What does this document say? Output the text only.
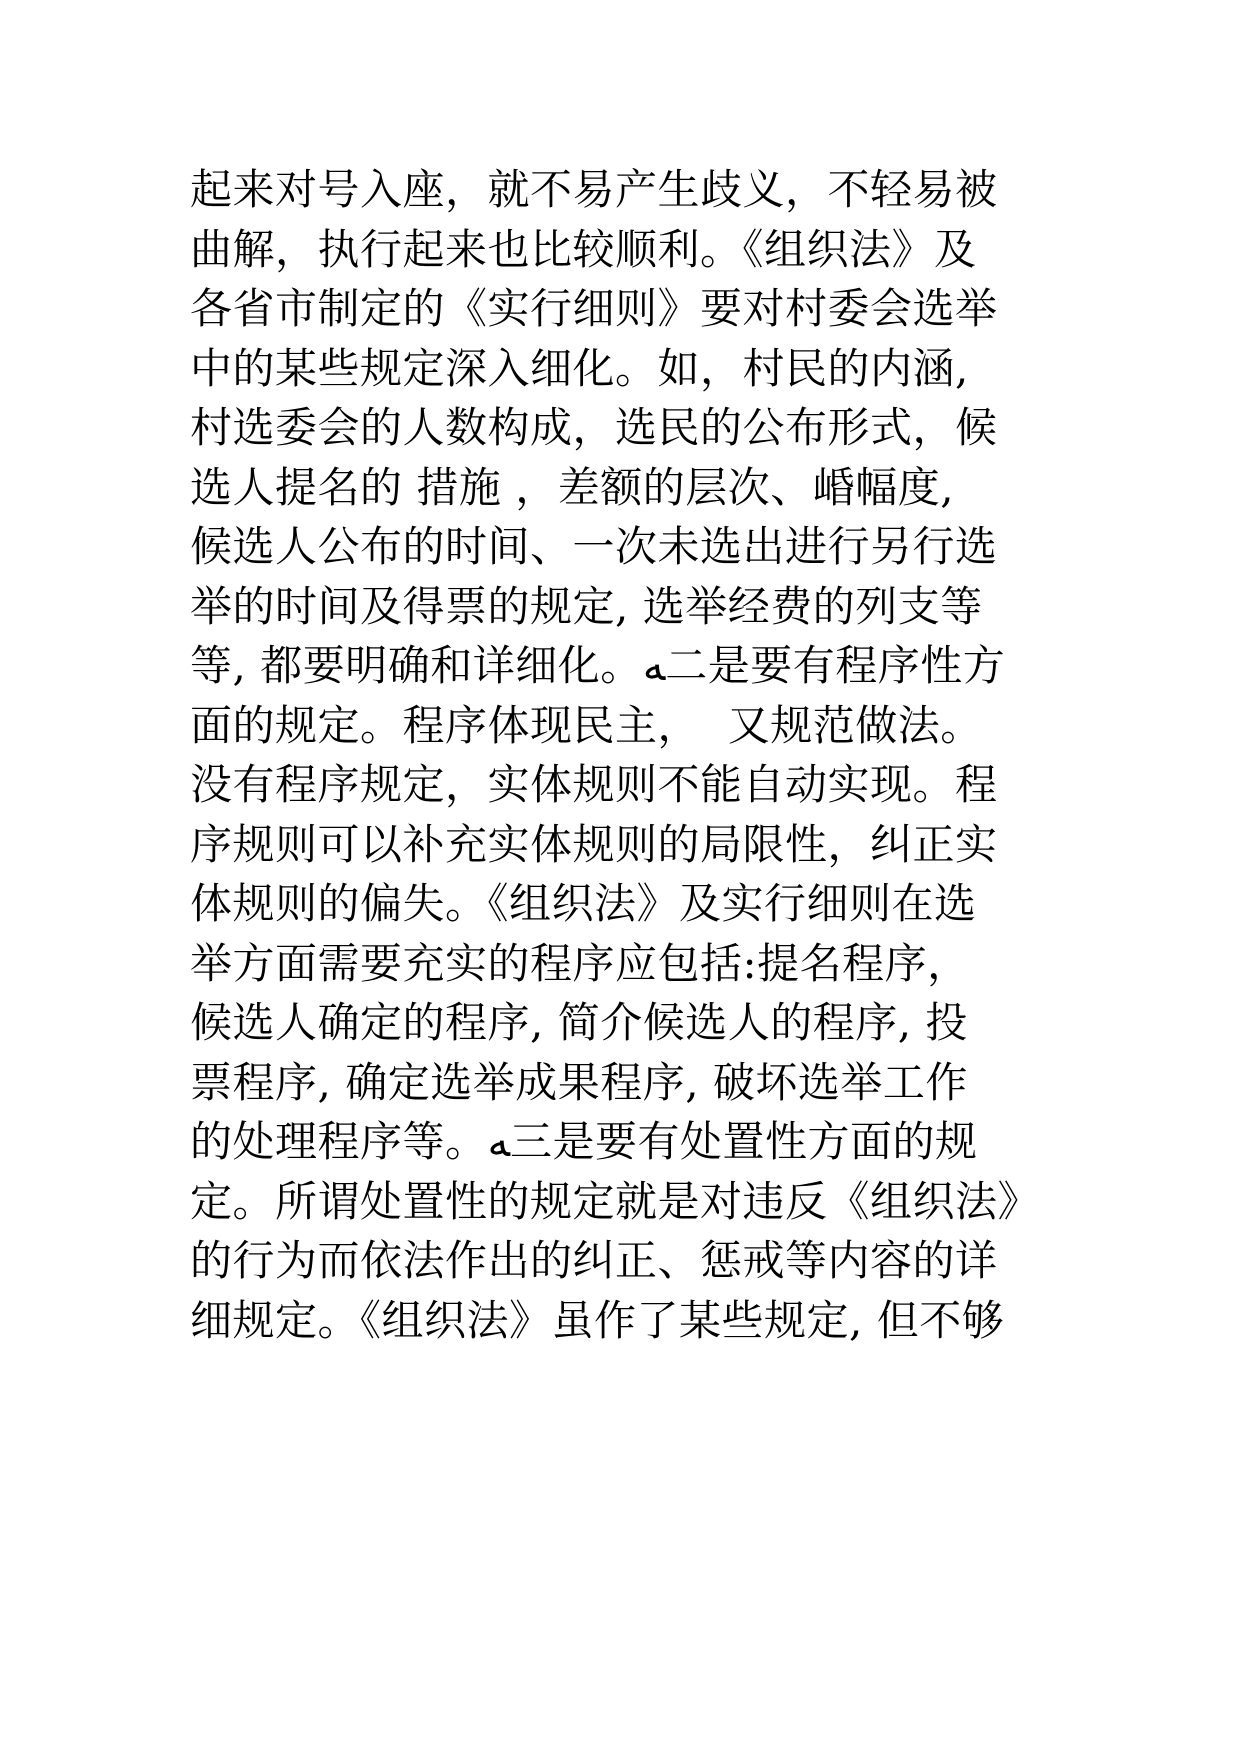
起来对号入座，就不易产生歧义，不轻易被
曲解，执行起来也比较顺利。《组织法》及
各省市制定的《实行细则》要对村委会选举
中的某些规定深入细化。如，村民的内涵,
村选委会的人数构成，选民的公布形式，候
选人提名的 措施 ，差额的层次、崏幅度,
候选人公布的时间、一次未选出进行另行选
举的时间及得票的规定, 选举经费的列支等
等, 都要明确和详细化。ﻪ二是要有程序性方
面的规定。程序体现民主，  又规范做法。
没有程序规定，实体规则不能自动实现。程
序规则可以补充实体规则的局限性，纠正实
体规则的偏失。《组织法》及实行细则在选
举方面需要充实的程序应包括:提名程序，
候选人确定的程序, 简介候选人的程序, 投
票程序, 确定选举成果程序, 破坏选举工作
的处理程序等。ﻪ三是要有处置性方面的规
定。所谓处置性的规定就是对违反《组织法》
的行为而依法作出的纠正、惩戒等内容的详
细规定。《组织法》虽作了某些规定, 但不够
